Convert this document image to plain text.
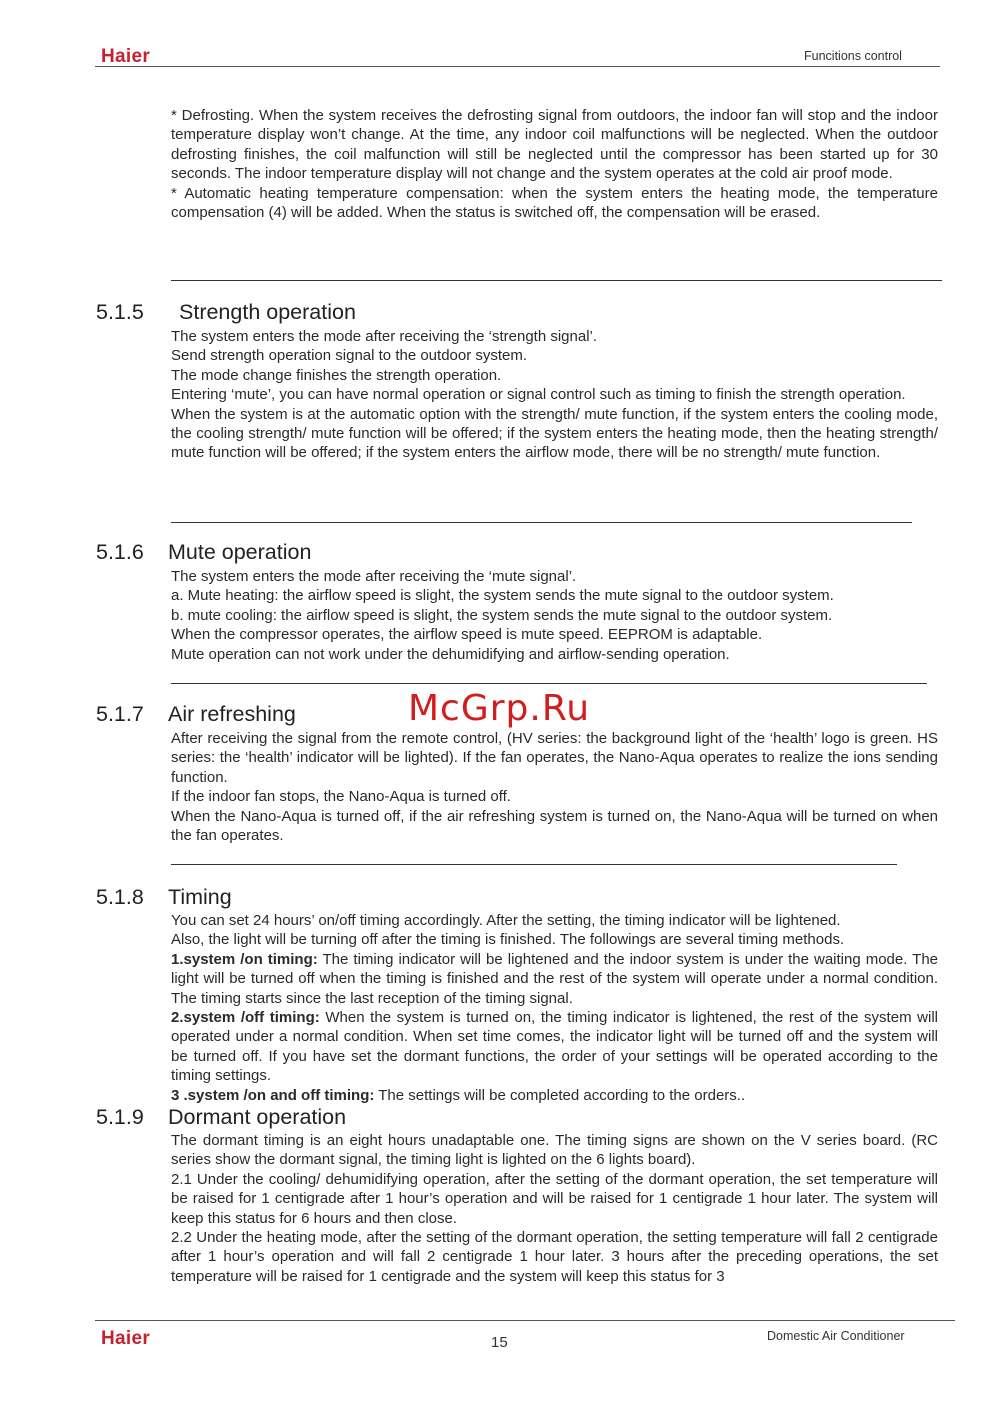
Haier	Funcitions control

* Defrosting. When the system receives the defrosting signal from outdoors, the indoor fan will stop and the indoor temperature display won’t change. At the time, any indoor coil malfunctions will be neglected. When the outdoor defrosting finishes, the coil malfunction will still be neglected until the compressor has been started up for 30 seconds. The indoor temperature display will not change and the system operates at the cold air proof mode.

* Automatic heating temperature compensation: when the system enters the heating mode, the temperature compensation (4) will be added. When the status is switched off, the compensation will be erased.

5.1.5 Strength operation

The system enters the mode after receiving the ‘strength signal’.

Send strength operation signal to the outdoor system.

The mode change finishes the strength operation.

Entering ‘mute’, you can have normal operation or signal control such as timing to finish the strength operation.

When the system is at the automatic option with the strength/ mute function, if the system enters the cooling mode, the cooling strength/ mute function will be offered; if the system enters the heating mode, then the heating strength/ mute function will be offered; if the system enters the airflow mode, there will be no strength/ mute function.

5.1.6 Mute operation

The system enters the mode after receiving the ‘mute signal’.

a. Mute heating: the airflow speed is slight, the system sends the mute signal to the outdoor system.

b. mute cooling: the airflow speed is slight, the system sends the mute signal to the outdoor system.

When the compressor operates, the airflow speed is mute speed. EEPROM is adaptable.

Mute operation can not work under the dehumidifying and airflow-sending operation.

5.1.7 Air refreshing

After receiving the signal from the remote control, (HV series: the background light of the ‘health’ logo is green. HS series: the ‘health’ indicator will be lighted). If the fan operates, the Nano-Aqua operates to realize the ions sending function.

If the indoor fan stops, the Nano-Aqua is turned off.

When the Nano-Aqua is turned off, if the air refreshing system is turned on, the Nano-Aqua will be turned on when the fan operates.

5.1.8 Timing

You can set 24 hours’ on/off timing accordingly. After the setting, the timing indicator will be lightened.

Also, the light will be turning off after the timing is finished. The followings are several timing methods.

1.system /on timing: The timing indicator will be lightened and the indoor system is under the waiting mode. The light will be turned off when the timing is finished and the rest of the system will operate under a normal condition. The timing starts since the last reception of the timing signal.

2.system /off timing: When the system is turned on, the timing indicator is lightened, the rest of the system will operated under a normal condition. When set time comes, the indicator light will be turned off and the system will be turned off. If you have set the dormant functions, the order of your settings will be operated according to the timing settings.

3 .system /on and off timing: The settings will be completed according to the orders..

5.1.9 Dormant operation

The dormant timing is an eight hours unadaptable one. The timing signs are shown on the V series board. (RC series show the dormant signal, the timing light is lighted on the 6 lights board).

2.1 Under the cooling/ dehumidifying operation, after the setting of the dormant operation, the set temperature will be raised for 1 centigrade after 1 hour’s operation and will be raised for 1 centigrade 1 hour later. The system will keep this status for 6 hours and then close.

2.2 Under the heating mode, after the setting of the dormant operation, the setting temperature will fall 2 centigrade after 1 hour’s operation and will fall 2 centigrade 1 hour later. 3 hours after the preceding operations, the set temperature will be raised for 1 centigrade and the system will keep this status for 3

McGrp.Ru
Haier	15	Domestic Air Conditioner
